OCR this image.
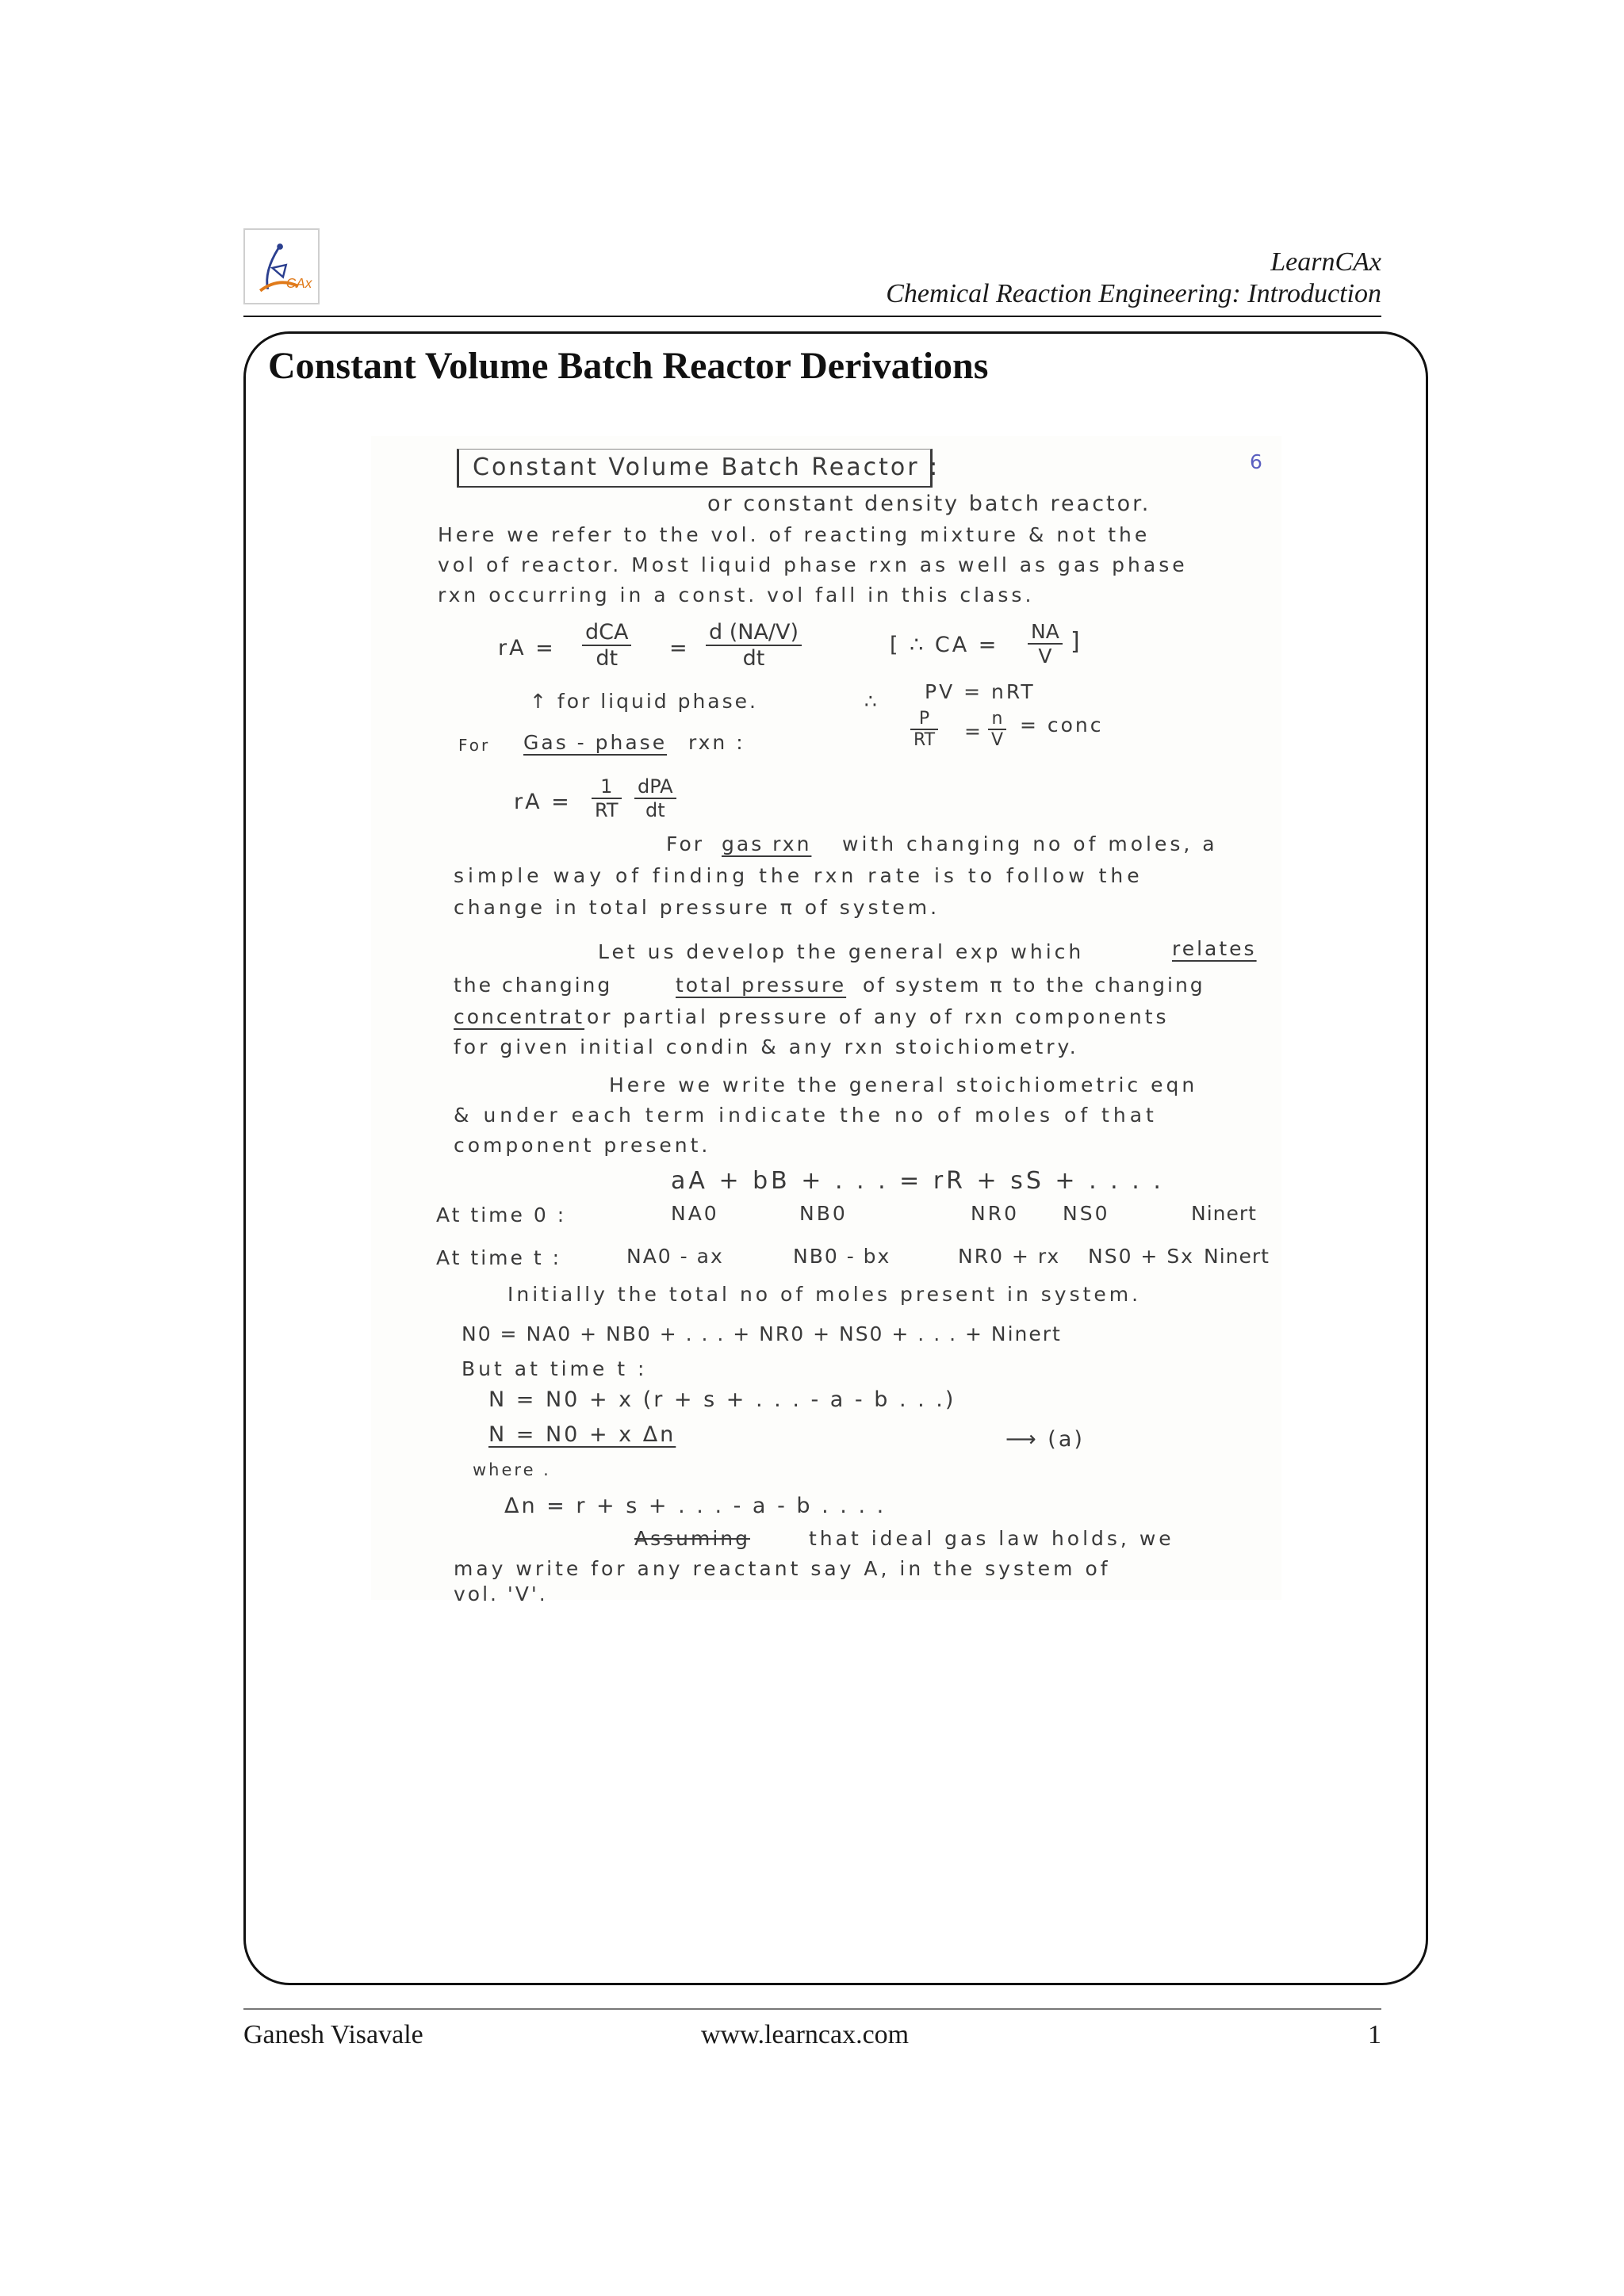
CAx
LearnCAx
Chemical Reaction Engineering: Introduction
Constant Volume Batch Reactor Derivations
6
Constant Volume Batch Reactor :
or constant density batch reactor.
Here we refer to the vol. of reacting mixture & not the
vol of reactor. Most liquid phase rxn as well as gas phase
rxn occurring in a const. vol fall in this class.
rA =
dCA
dt	= $\frac{d (NA/V)}{dt}$	[ ∴ CA = $\frac{NA}{V}$ ]
↑ for liquid phase.	∴ PV = nRT
$\frac{P}{RT} = \frac{n}{V}$ = conc
For Gas - phase rxn :
rA = $\frac{1}{RT}$ dPA
dt
For gas rxn with changing no of moles, a
simple way of finding the rxn rate is to follow the
change in total pressure π of system.
Let us develop the general exp which	relates
the changing	total pressure of system π to the changing
concentrat or partial pressure of any of rxn components
for given initial condin & any rxn stoichiometry.
Here we write the general stoichiometric eqn
& under each term indicate the no of moles of that
component present.
aA + bB + . . . = rR + sS + . . . .
At time 0 :	NA0	NB0	NR0 NS0	Ninert
At time t :	NA0 - ax	NB0 - bx	NR0 + rx NS0 + Sx Ninert
Initially the total no of moles present in system.
N0 = NA0 + NB0 + . . . + NR0 + NS0 + . . . + Ninert
But at time t :
N = N0 + x (r + s + . . . - a - b . . .)
N = N0 + x Δn	⟶ (a)
where .
Δn = r + s + . . . - a - b . . . .
Assuming	that ideal gas law holds, we
may write for any reactant say A, in the system of
vol. 'V'.
Ganesh Visavale	www.learncax.com	1
